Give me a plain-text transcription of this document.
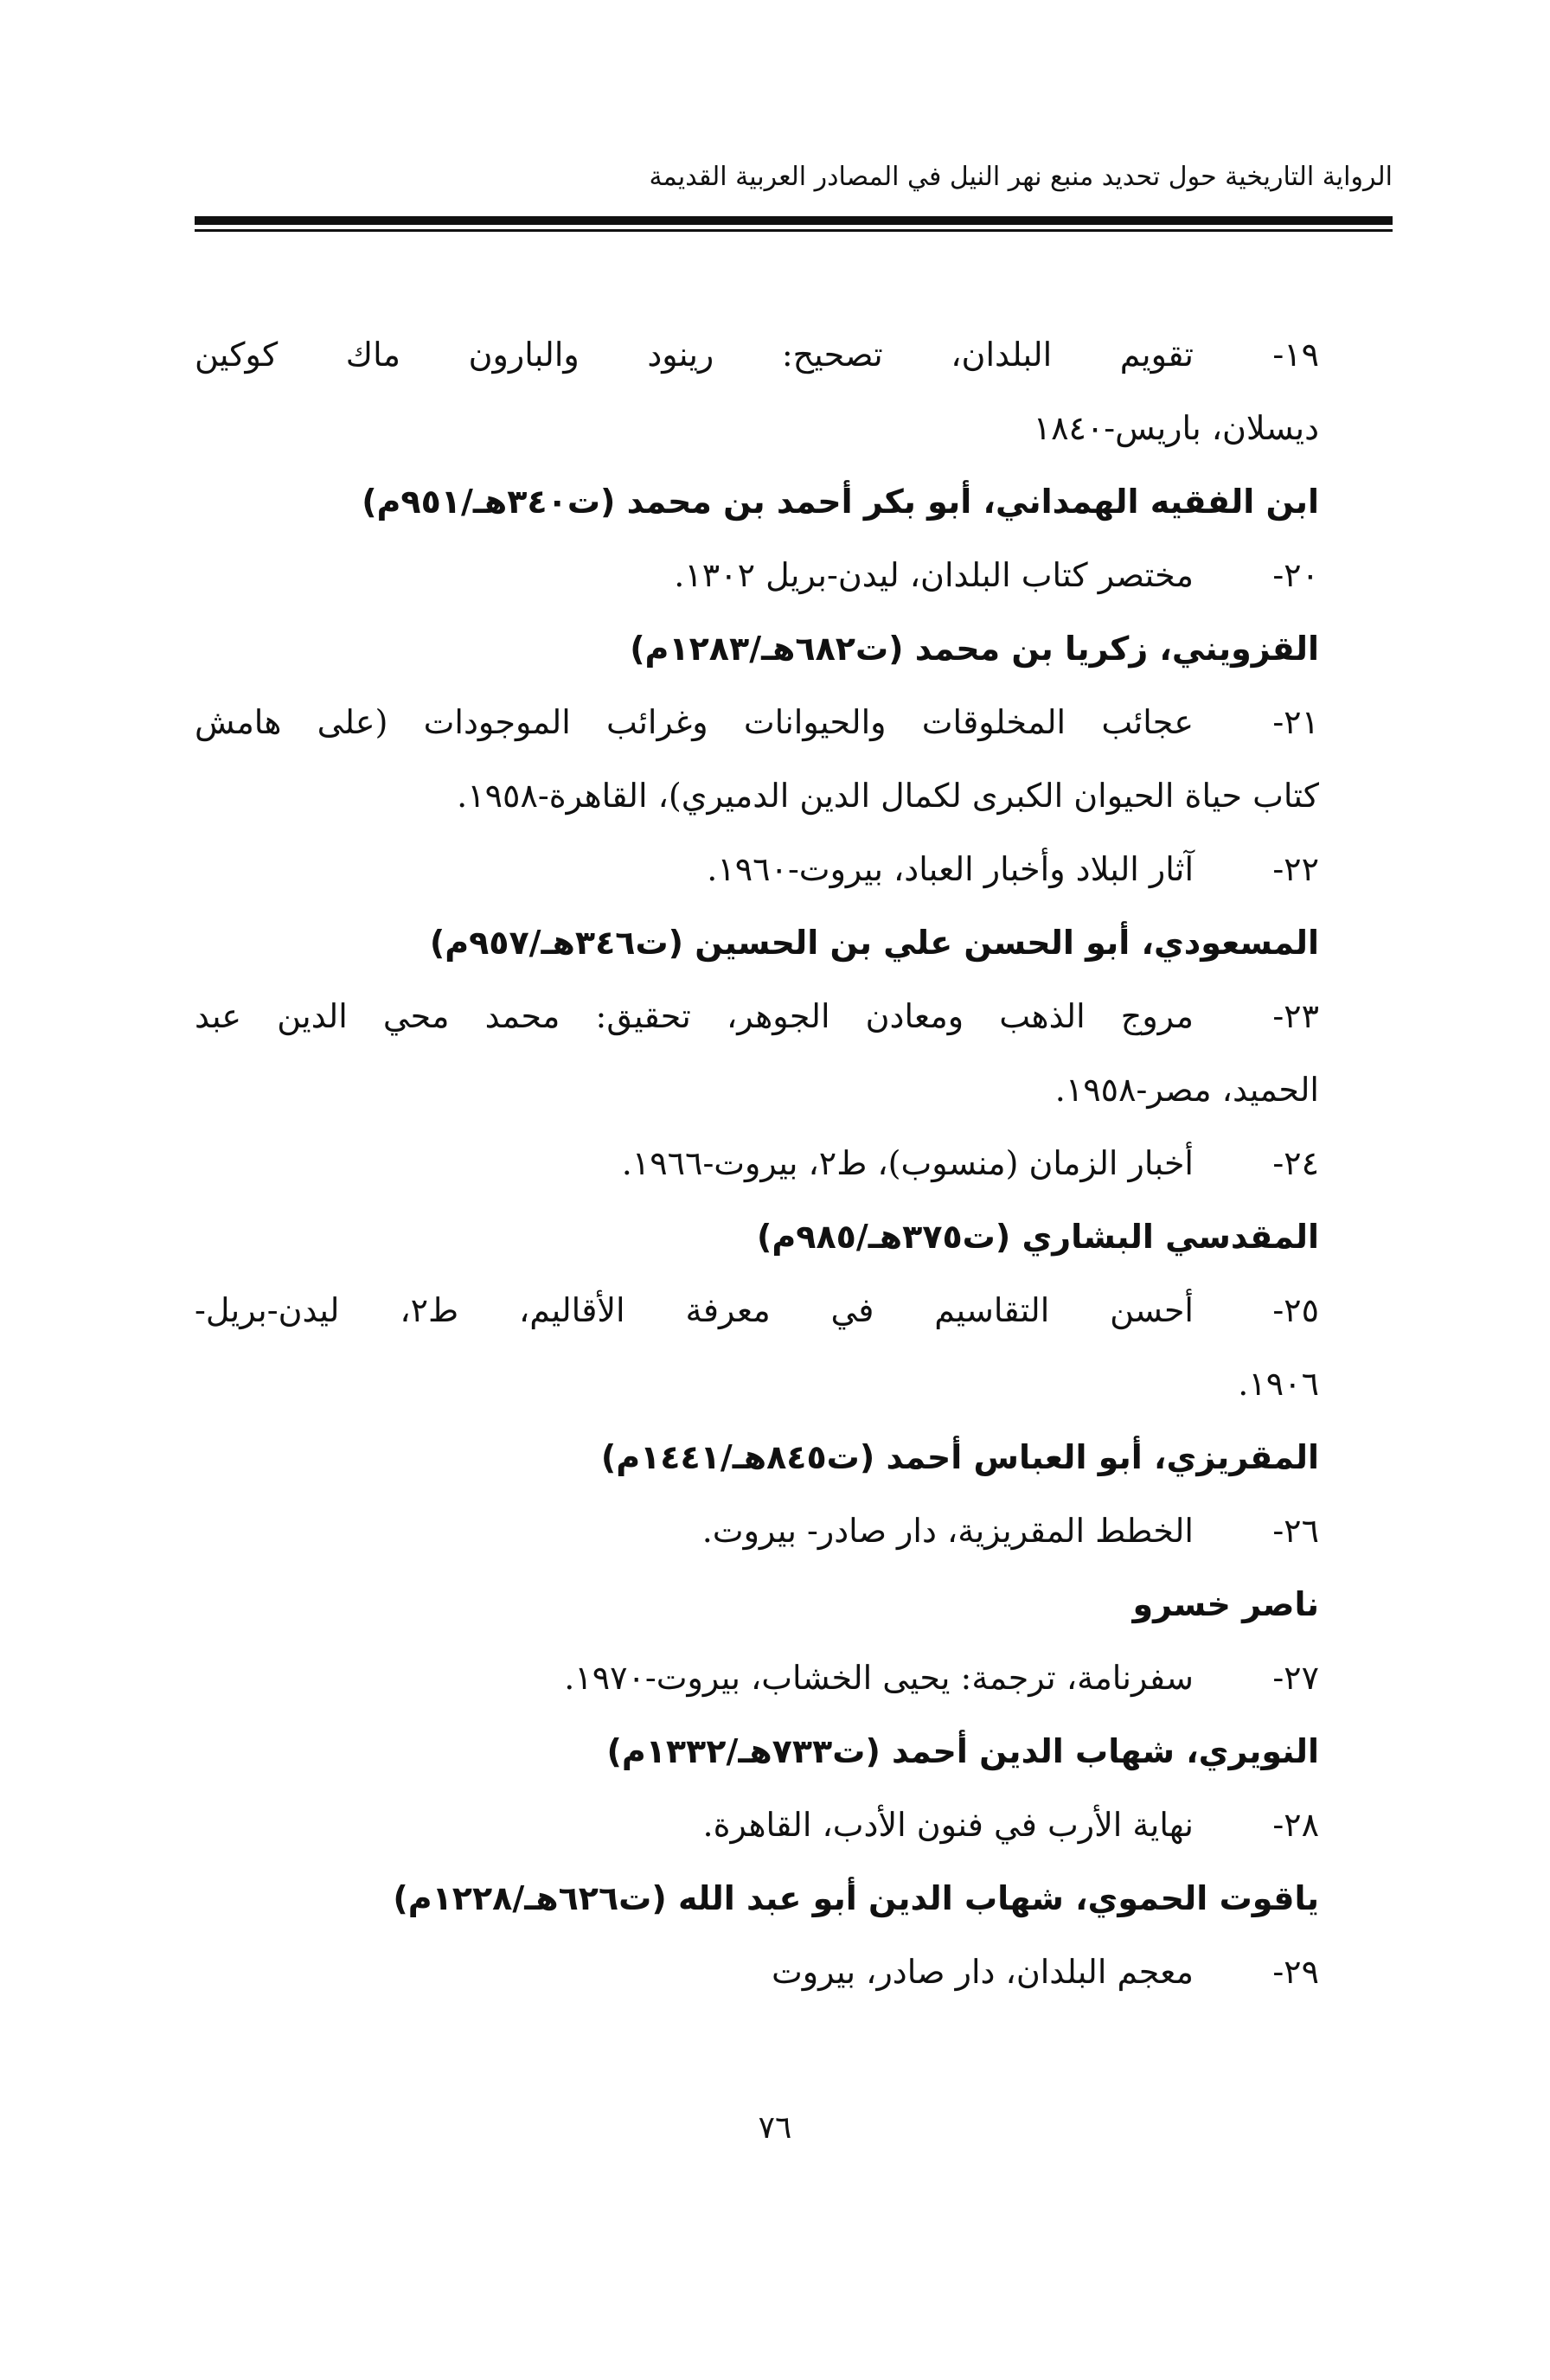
الرواية التاريخية حول تحديد منبع نهر النيل في المصادر العربية القديمة
١٩-
تقويم البلدان، تصحيح: رينود والبارون ماك كوكين
ديسلان، باريس-١٨٤٠
ابن الفقيه الهمداني، أبو بكر أحمد بن محمد (ت٣٤٠هـ/٩٥١م)
٢٠-
مختصر كتاب البلدان، ليدن-بريل ١٣٠٢.
القزويني، زكريا بن محمد (ت٦٨٢هـ/١٢٨٣م)
٢١-
عجائب المخلوقات والحيوانات وغرائب الموجودات (على هامش
كتاب حياة الحيوان الكبرى لكمال الدين الدميري)، القاهرة-١٩٥٨.
٢٢-
آثار البلاد وأخبار العباد، بيروت-١٩٦٠.
المسعودي، أبو الحسن علي بن الحسين (ت٣٤٦هـ/٩٥٧م)
٢٣-
مروج الذهب ومعادن الجوهر، تحقيق: محمد محي الدين عبد
الحميد، مصر-١٩٥٨.
٢٤-
أخبار الزمان (منسوب)، ط٢، بيروت-١٩٦٦.
المقدسي البشاري (ت٣٧٥هـ/٩٨٥م)
٢٥-
أحسن التقاسيم في معرفة الأقاليم، ط٢، ليدن-بريل-
١٩٠٦.
المقريزي، أبو العباس أحمد (ت٨٤٥هـ/١٤٤١م)
٢٦-
الخطط المقريزية، دار صادر- بيروت.
ناصر خسرو
٢٧-
سفرنامة، ترجمة: يحيى الخشاب، بيروت-١٩٧٠.
النويري، شهاب الدين أحمد (ت٧٣٣هـ/١٣٣٢م)
٢٨-
نهاية الأرب في فنون الأدب، القاهرة.
ياقوت الحموي، شهاب الدين أبو عبد الله (ت٦٢٦هـ/١٢٢٨م)
٢٩-
معجم البلدان، دار صادر، بيروت
٧٦
